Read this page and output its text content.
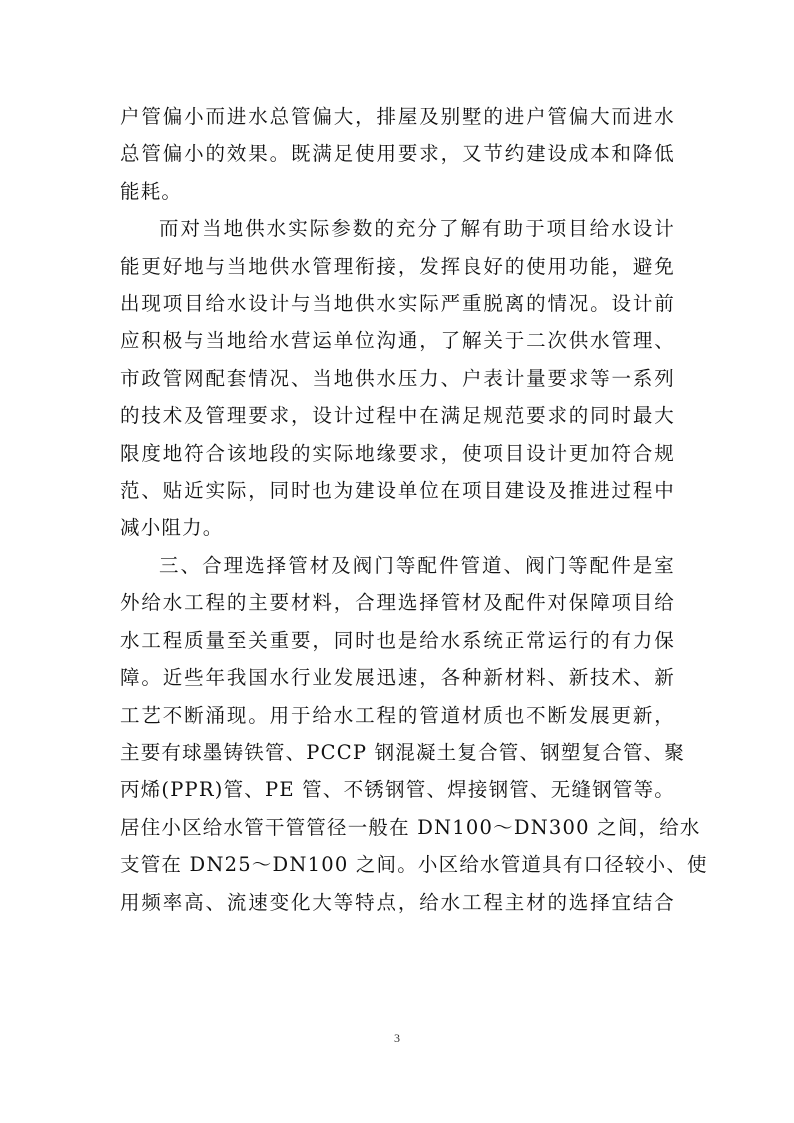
户管偏小而进水总管偏大，排屋及别墅的进户管偏大而进水
总管偏小的效果。既满足使用要求，又节约建设成本和降低
能耗。

而对当地供水实际参数的充分了解有助于项目给水设计
能更好地与当地供水管理衔接，发挥良好的使用功能，避免
出现项目给水设计与当地供水实际严重脱离的情况。设计前
应积极与当地给水营运单位沟通，了解关于二次供水管理、
市政管网配套情况、当地供水压力、户表计量要求等一系列
的技术及管理要求，设计过程中在满足规范要求的同时最大
限度地符合该地段的实际地缘要求，使项目设计更加符合规
范、贴近实际，同时也为建设单位在项目建设及推进过程中
减小阻力。

三、合理选择管材及阀门等配件管道、阀门等配件是室
外给水工程的主要材料，合理选择管材及配件对保障项目给
水工程质量至关重要，同时也是给水系统正常运行的有力保
障。近些年我国水行业发展迅速，各种新材料、新技术、新
工艺不断涌现。用于给水工程的管道材质也不断发展更新，
主要有球墨铸铁管、PCCP 钢混凝土复合管、钢塑复合管、聚
丙烯(PPR)管、PE 管、不锈钢管、焊接钢管、无缝钢管等。
居住小区给水管干管管径一般在 DN100～DN300 之间，给水
支管在 DN25～DN100 之间。小区给水管道具有口径较小、使
用频率高、流速变化大等特点，给水工程主材的选择宜结合

3
